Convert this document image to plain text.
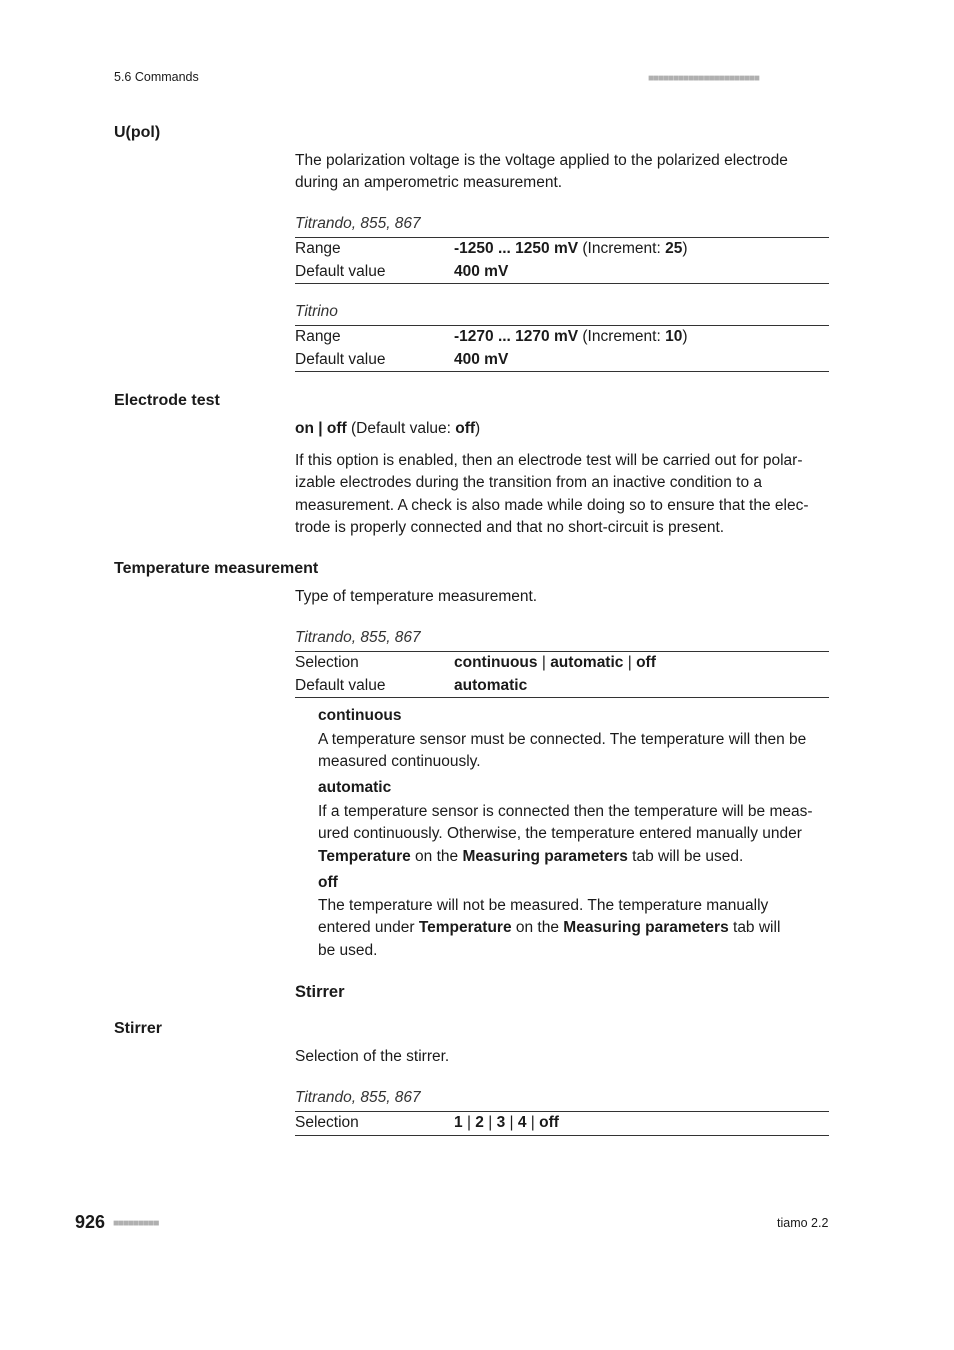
5.6 Commands	■■■■■■■■■■■■■■■■■■■■■■
U(pol)
The polarization voltage is the voltage applied to the polarized electrode
during an amperometric measurement.
Titrando, 855, 867
Range	-1250 ... 1250 mV (Increment: 25)
Default value	400 mV
Titrino
Range	-1270 ... 1270 mV (Increment: 10)
Default value	400 mV
Electrode test
on | off (Default value: off)
If this option is enabled, then an electrode test will be carried out for polar-
izable electrodes during the transition from an inactive condition to a
measurement. A check is also made while doing so to ensure that the elec-
trode is properly connected and that no short-circuit is present.
Temperature measurement
Type of temperature measurement.
Titrando, 855, 867
Selection	continuous | automatic | off
Default value	automatic
continuous
A temperature sensor must be connected. The temperature will then be
measured continuously.
automatic
If a temperature sensor is connected then the temperature will be meas-
ured continuously. Otherwise, the temperature entered manually under
Temperature on the Measuring parameters tab will be used.
off
The temperature will not be measured. The temperature manually
entered under Temperature on the Measuring parameters tab will
be used.
Stirrer
Stirrer
Selection of the stirrer.
Titrando, 855, 867
Selection	1 | 2 | 3 | 4 | off
926 ■■■■■■■■■	tiamo 2.2
